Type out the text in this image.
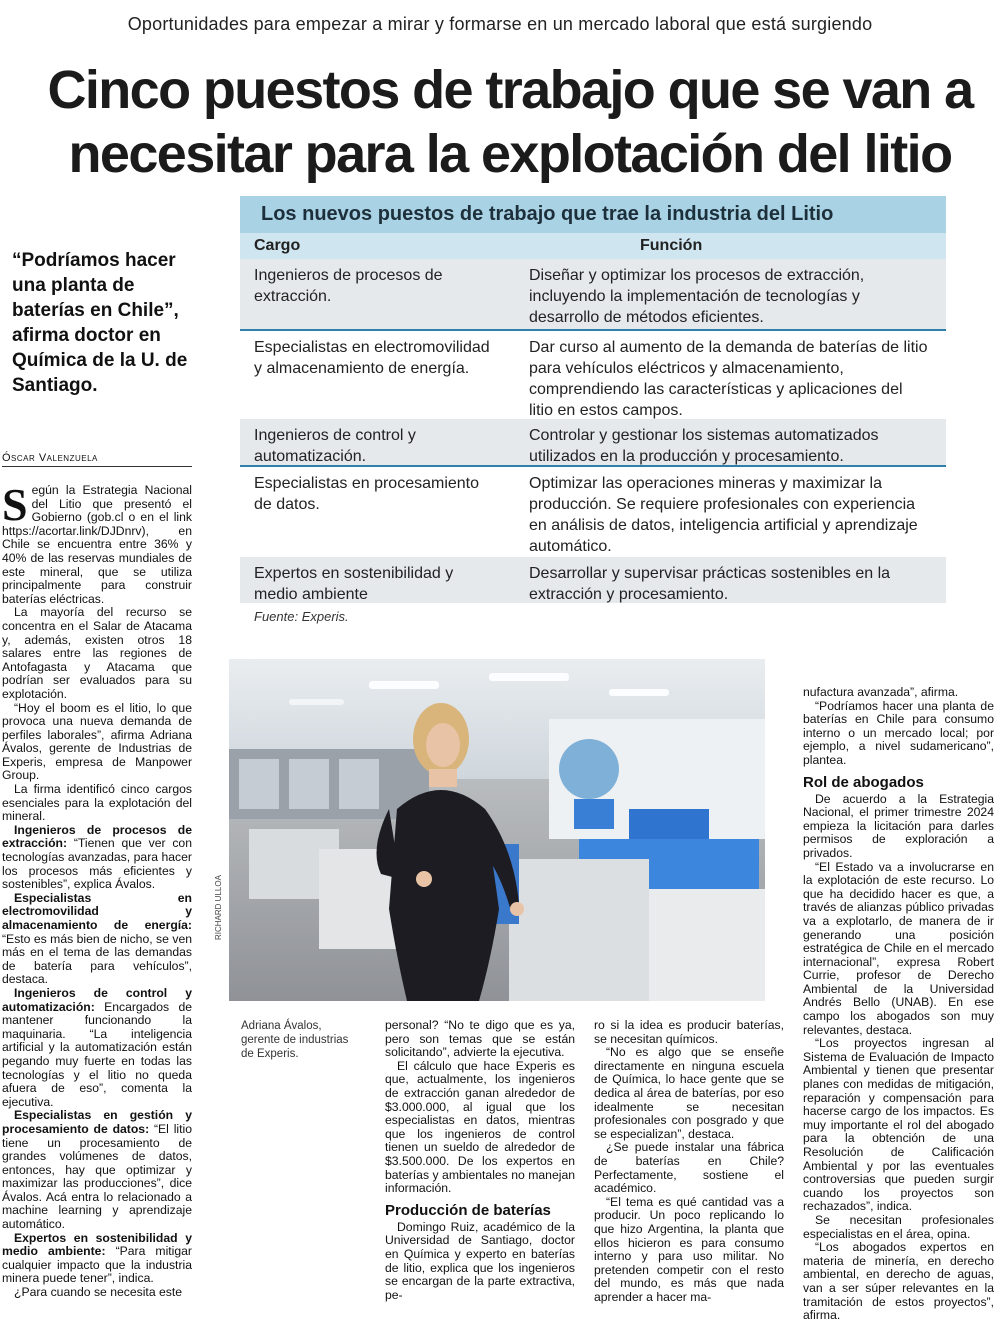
Oportunidades para empezar a mirar y formarse en un mercado laboral que está surgiendo
Cinco puestos de trabajo que se van a necesitar para la explotación del litio
“Podríamos hacer una planta de baterías en Chile”, afirma doctor en Química de la U. de Santiago.
Óscar Valenzuela
Los nuevos puestos de trabajo que trae la industria del Litio
Cargo	Función
Ingenieros de procesos de extracción.
Diseñar y optimizar los procesos de extracción, incluyendo la implementación de tecnologías y desarrollo de métodos eficientes.
Especialistas en electromovilidad y almacenamiento de energía.
Dar curso al aumento de la demanda de baterías de litio para vehículos eléctricos y almacenamiento, comprendiendo las características y aplicaciones del litio en estos campos.
Ingenieros de control y automatización.
Controlar y gestionar los sistemas automatizados utilizados en la producción y procesamiento.
Especialistas en procesamiento de datos.
Optimizar las operaciones mineras y maximizar la producción. Se requiere profesionales con experiencia en análisis de datos, inteligencia artificial y aprendizaje automático.
Expertos en sostenibilidad y medio ambiente
Desarrollar y supervisar prácticas sostenibles en la extracción y procesamiento.
Fuente: Experis.
RICHARD ULLOA
Adriana Ávalos, gerente de industrias de Experis.

Según la Estrategia Nacional del Litio que presentó el Gobierno (gob.cl o en el link https://acortar.link/DJDnrv), en Chile se encuentra entre 36% y 40% de las reservas mundiales de este mineral, que se utiliza principalmente para construir baterías eléctricas.

La mayoría del recurso se concentra en el Salar de Atacama y, además, existen otros 18 salares entre las regiones de Antofagasta y Atacama que podrían ser evaluados para su explotación.

“Hoy el boom es el litio, lo que provoca una nueva demanda de perfiles laborales”, afirma Adriana Ávalos, gerente de Industrias de Experis, empresa de Manpower Group.

La firma identificó cinco cargos esenciales para la explotación del mineral.

Ingenieros de procesos de extracción: “Tienen que ver con tecnologías avanzadas, para hacer los procesos más eficientes y sostenibles”, explica Ávalos.

Especialistas en electromovilidad y almacenamiento de energía: “Esto es más bien de nicho, se ven más en el tema de las demandas de batería para vehículos”, destaca.

Ingenieros de control y automatización: Encargados de mantener funcionando la maquinaria. “La inteligencia artificial y la automatización están pegando muy fuerte en todas las tecnologías y el litio no queda afuera de eso”, comenta la ejecutiva.

Especialistas en gestión y procesamiento de datos: “El litio tiene un procesamiento de grandes volúmenes de datos, entonces, hay que optimizar y maximizar las producciones”, dice Ávalos. Acá entra lo relacionado a machine learning y aprendizaje automático.

Expertos en sostenibilidad y medio ambiente: “Para mitigar cualquier impacto que la industria minera puede tener”, indica.

¿Para cuando se necesita este

personal? “No te digo que es ya, pero son temas que se están solicitando”, advierte la ejecutiva.

El cálculo que hace Experis es que, actualmente, los ingenieros de extracción ganan alrededor de $3.000.000, al igual que los especialistas en datos, mientras que los ingenieros de control tienen un sueldo de alrededor de $3.500.000. De los expertos en baterías y ambientales no manejan información.

Producción de baterías

Domingo Ruiz, académico de la Universidad de Santiago, doctor en Química y experto en baterías de litio, explica que los ingenieros se encargan de la parte extractiva, pe-

ro si la idea es producir baterías, se necesitan químicos.

“No es algo que se enseñe directamente en ninguna escuela de Química, lo hace gente que se dedica al área de baterías, por eso idealmente se necesitan profesionales con posgrado y que se especializan”, destaca.

¿Se puede instalar una fábrica de baterías en Chile? Perfectamente, sostiene el académico.

“El tema es qué cantidad vas a producir. Un poco replicando lo que hizo Argentina, la planta que ellos hicieron es para consumo interno y para uso militar. No pretenden competir con el resto del mundo, es más que nada aprender a hacer ma-

nufactura avanzada”, afirma.

“Podríamos hacer una planta de baterías en Chile para consumo interno o un mercado local; por ejemplo, a nivel sudamericano”, plantea.

Rol de abogados

De acuerdo a la Estrategia Nacional, el primer trimestre 2024 empieza la licitación para darles permisos de exploración a privados.

“El Estado va a involucrarse en la explotación de este recurso. Lo que ha decidido hacer es que, a través de alianzas público privadas va a explotarlo, de manera de ir generando una posición estratégica de Chile en el mercado internacional”, expresa Robert Currie, profesor de Derecho Ambiental de la Universidad Andrés Bello (UNAB). En ese campo los abogados son muy relevantes, destaca.

“Los proyectos ingresan al Sistema de Evaluación de Impacto Ambiental y tienen que presentar planes con medidas de mitigación, reparación y compensación para hacerse cargo de los impactos. Es muy importante el rol del abogado para la obtención de una Resolución de Calificación Ambiental y por las eventuales controversias que pueden surgir cuando los proyectos son rechazados”, indica.

Se necesitan profesionales especialistas en el área, opina.

“Los abogados expertos en materia de minería, en derecho ambiental, en derecho de aguas, van a ser súper relevantes en la tramitación de estos proyectos”, afirma.
